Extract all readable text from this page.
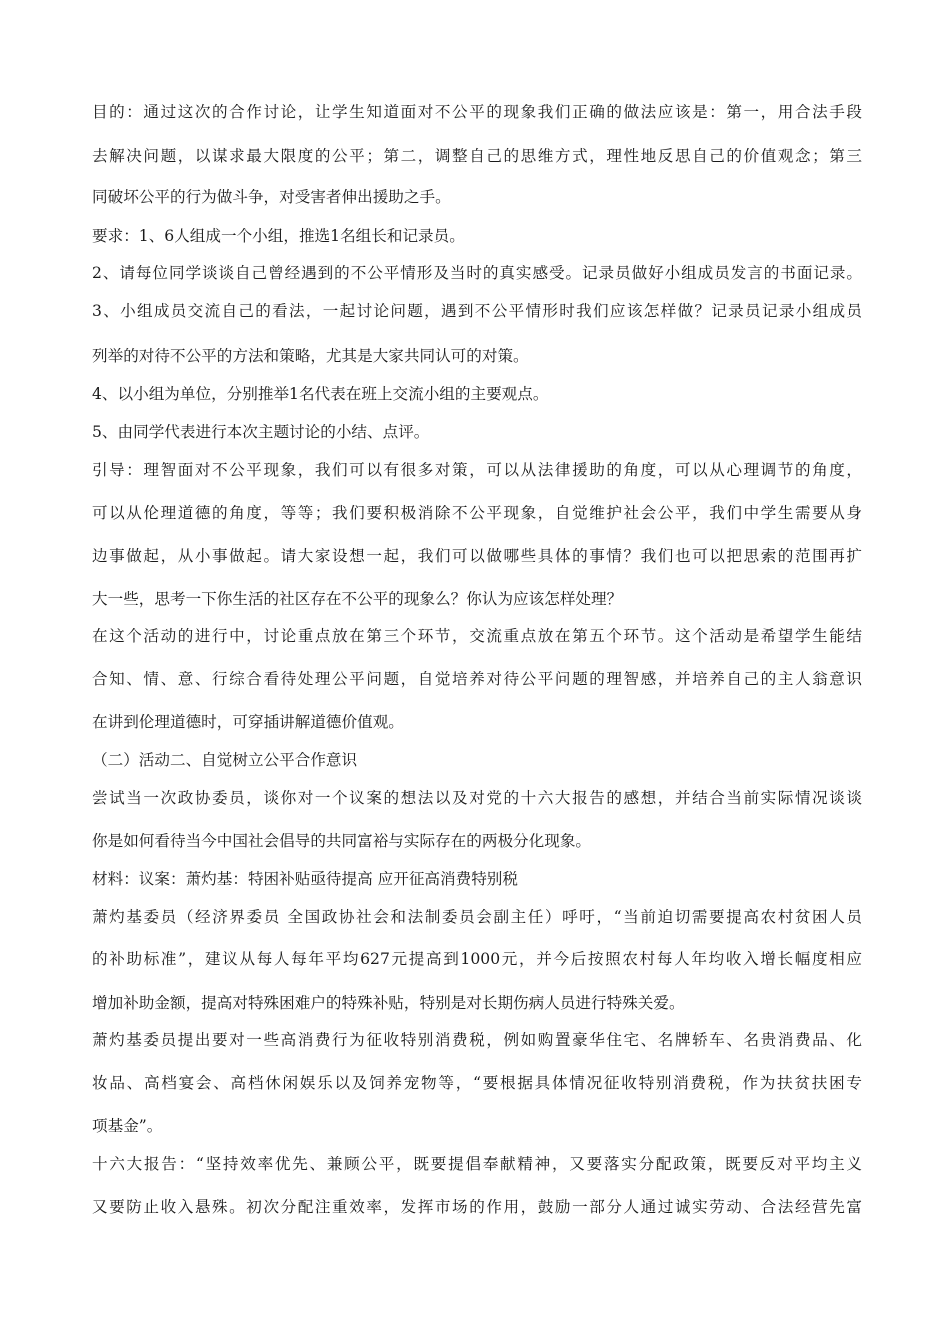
目的：通过这次的合作讨论，让学生知道面对不公平的现象我们正确的做法应该是：第一，用合法手段
去解决问题，以谋求最大限度的公平；第二，调整自己的思维方式，理性地反思自己的价值观念；第三
同破坏公平的行为做斗争，对受害者伸出援助之手。
要求：1、6人组成一个小组，推选1名组长和记录员。
2、请每位同学谈谈自己曾经遇到的不公平情形及当时的真实感受。记录员做好小组成员发言的书面记录。
3、小组成员交流自己的看法，一起讨论问题，遇到不公平情形时我们应该怎样做？记录员记录小组成员
列举的对待不公平的方法和策略，尤其是大家共同认可的对策。
4、以小组为单位，分别推举1名代表在班上交流小组的主要观点。
5、由同学代表进行本次主题讨论的小结、点评。
引导：理智面对不公平现象，我们可以有很多对策，可以从法律援助的角度，可以从心理调节的角度，
可以从伦理道德的角度，等等；我们要积极消除不公平现象，自觉维护社会公平，我们中学生需要从身
边事做起，从小事做起。请大家设想一起，我们可以做哪些具体的事情？我们也可以把思索的范围再扩
大一些，思考一下你生活的社区存在不公平的现象么？你认为应该怎样处理？
在这个活动的进行中，讨论重点放在第三个环节，交流重点放在第五个环节。这个活动是希望学生能结
合知、情、意、行综合看待处理公平问题，自觉培养对待公平问题的理智感，并培养自己的主人翁意识
在讲到伦理道德时，可穿插讲解道德价值观。
（二）活动二、自觉树立公平合作意识
尝试当一次政协委员，谈你对一个议案的想法以及对党的十六大报告的感想，并结合当前实际情况谈谈
你是如何看待当今中国社会倡导的共同富裕与实际存在的两极分化现象。
材料：议案：萧灼基：特困补贴亟待提高 应开征高消费特别税
萧灼基委员（经济界委员 全国政协社会和法制委员会副主任）呼吁，“当前迫切需要提高农村贫困人员
的补助标准”，建议从每人每年平均627元提高到1000元，并今后按照农村每人年均收入增长幅度相应
增加补助金额，提高对特殊困难户的特殊补贴，特别是对长期伤病人员进行特殊关爱。
萧灼基委员提出要对一些高消费行为征收特别消费税，例如购置豪华住宅、名牌轿车、名贵消费品、化
妆品、高档宴会、高档休闲娱乐以及饲养宠物等，“要根据具体情况征收特别消费税，作为扶贫扶困专
项基金”。
十六大报告：“坚持效率优先、兼顾公平，既要提倡奉献精神，又要落实分配政策，既要反对平均主义
又要防止收入悬殊。初次分配注重效率，发挥市场的作用，鼓励一部分人通过诚实劳动、合法经营先富
